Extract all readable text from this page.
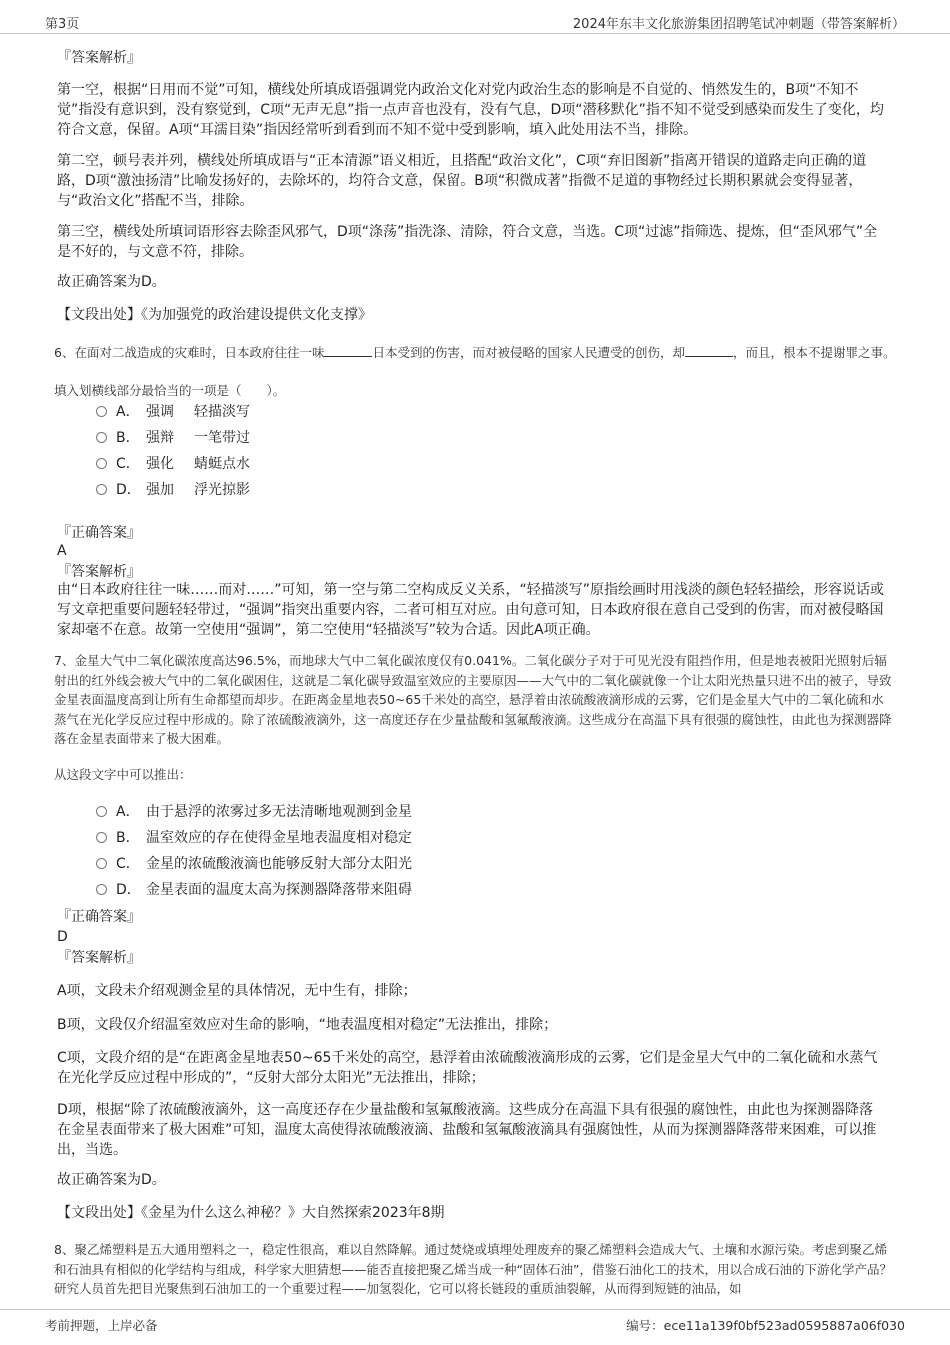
第3页	2024年东丰文化旅游集团招聘笔试冲刺题（带答案解析）
『答案解析』
第一空，根据“日用而不觉”可知，横线处所填成语强调党内政治文化对党内政治生态的影响是不自觉的、悄然发生的，B项“不知不觉”指没有意识到，没有察觉到，C项“无声无息”指一点声音也没有，没有气息，D项“潜移默化”指不知不觉受到感染而发生了变化，均符合文意，保留。A项“耳濡目染”指因经常听到看到而不知不觉中受到影响，填入此处用法不当，排除。
第二空，顿号表并列，横线处所填成语与“正本清源”语义相近，且搭配“政治文化”，C项“弃旧图新”指离开错误的道路走向正确的道路，D项“激浊扬清”比喻发扬好的，去除坏的，均符合文意，保留。B项“积微成著”指微不足道的事物经过长期积累就会变得显著，与“政治文化”搭配不当，排除。
第三空，横线处所填词语形容去除歪风邪气，D项“涤荡”指洗涤、清除，符合文意，当选。C项“过滤”指筛选、提炼，但“歪风邪气”全是不好的，与文意不符，排除。
故正确答案为D。
【文段出处】《为加强党的政治建设提供文化支撑》
6、在面对二战造成的灾难时，日本政府往往一味	日本受到的伤害，而对被侵略的国家人民遭受的创伤，却	，而且，根本不提谢罪之事。
填入划横线部分最恰当的一项是（　　）。
A． 强调 轻描淡写
B． 强辩 一笔带过
C． 强化 蜻蜓点水
D． 强加 浮光掠影
『正确答案』
A
『答案解析』
由“日本政府往往一味……而对……”可知，第一空与第二空构成反义关系，“轻描淡写”原指绘画时用浅淡的颜色轻轻描绘，形容说话或写文章把重要问题轻轻带过，“强调”指突出重要内容，二者可相互对应。由句意可知，日本政府很在意自己受到的伤害，而对被侵略国家却毫不在意。故第一空使用“强调”，第二空使用“轻描淡写”较为合适。因此A项正确。
7、金星大气中二氧化碳浓度高达96.5%，而地球大气中二氧化碳浓度仅有0.041%。二氧化碳分子对于可见光没有阻挡作用，但是地表被阳光照射后辐射出的红外线会被大气中的二氧化碳困住，这就是二氧化碳导致温室效应的主要原因——大气中的二氧化碳就像一个让太阳光热量只进不出的被子，导致金星表面温度高到让所有生命都望而却步。在距离金星地表50~65千米处的高空，悬浮着由浓硫酸液滴形成的云雾，它们是金星大气中的二氧化硫和水蒸气在光化学反应过程中形成的。除了浓硫酸液滴外，这一高度还存在少量盐酸和氢氟酸液滴。这些成分在高温下具有很强的腐蚀性，由此也为探测器降落在金星表面带来了极大困难。
从这段文字中可以推出：
A． 由于悬浮的浓雾过多无法清晰地观测到金星
B． 温室效应的存在使得金星地表温度相对稳定
C． 金星的浓硫酸液滴也能够反射大部分太阳光
D． 金星表面的温度太高为探测器降落带来阻碍
『正确答案』
D
『答案解析』
A项，文段未介绍观测金星的具体情况，无中生有，排除；
B项，文段仅介绍温室效应对生命的影响，“地表温度相对稳定”无法推出，排除；
C项，文段介绍的是“在距离金星地表50~65千米处的高空，悬浮着由浓硫酸液滴形成的云雾，它们是金星大气中的二氧化硫和水蒸气在光化学反应过程中形成的”，“反射大部分太阳光”无法推出，排除；
D项，根据“除了浓硫酸液滴外，这一高度还存在少量盐酸和氢氟酸液滴。这些成分在高温下具有很强的腐蚀性，由此也为探测器降落在金星表面带来了极大困难”可知，温度太高使得浓硫酸液滴、盐酸和氢氟酸液滴具有强腐蚀性，从而为探测器降落带来困难，可以推出，当选。
故正确答案为D。
【文段出处】《金星为什么这么神秘？》大自然探索2023年8期
8、聚乙烯塑料是五大通用塑料之一，稳定性很高，难以自然降解。通过焚烧或填埋处理废弃的聚乙烯塑料会造成大气、土壤和水源污染。考虑到聚乙烯和石油具有相似的化学结构与组成，科学家大胆猜想——能否直接把聚乙烯当成一种“固体石油”，借鉴石油化工的技术，用以合成石油的下游化学产品？研究人员首先把目光聚焦到石油加工的一个重要过程——加氢裂化，它可以将长链段的重质油裂解，从而得到短链的油品，如
考前押题，上岸必备	编号：ece11a139f0bf523ad0595887a06f030
